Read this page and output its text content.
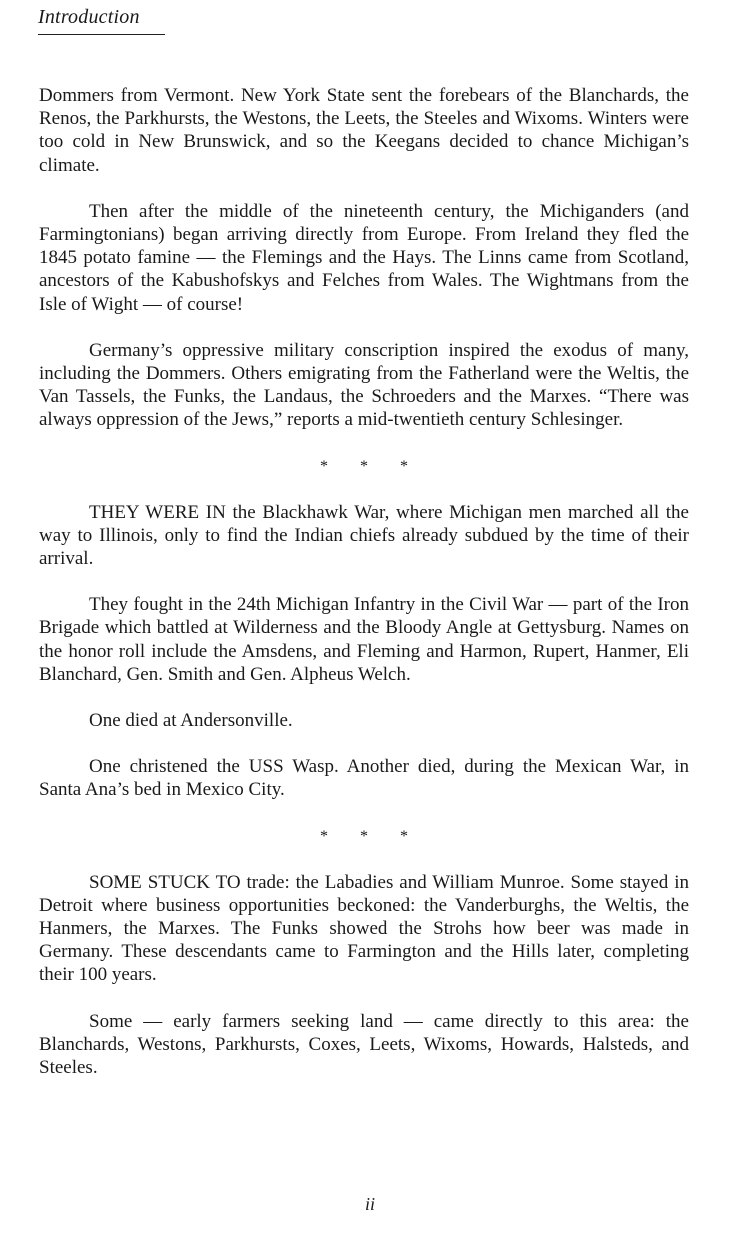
Introduction

Dommers from Vermont. New York State sent the forebears of the Blanchards, the Renos, the Parkhursts, the Westons, the Leets, the Steeles and Wixoms. Winters were too cold in New Brunswick, and so the Keegans decided to chance Michigan’s climate.

Then after the middle of the nineteenth century, the Michiganders (and Farmingtonians) began arriving directly from Europe. From Ireland they fled the 1845 potato famine — the Flemings and the Hays. The Linns came from Scotland, ancestors of the Kabushofskys and Felches from Wales. The Wightmans from the Isle of Wight — of course!

Germany’s oppressive military conscription inspired the exodus of many, including the Dommers. Others emigrating from the Fatherland were the Weltis, the Van Tassels, the Funks, the Landaus, the Schroeders and the Marxes. “There was always oppression of the Jews,” reports a mid-twentieth century Schlesinger.

* * *

THEY WERE IN the Blackhawk War, where Michigan men marched all the way to Illinois, only to find the Indian chiefs already subdued by the time of their arrival.

They fought in the 24th Michigan Infantry in the Civil War — part of the Iron Brigade which battled at Wilderness and the Bloody Angle at Gettysburg. Names on the honor roll include the Amsdens, and Fleming and Harmon, Rupert, Hanmer, Eli Blanchard, Gen. Smith and Gen. Alpheus Welch.

One died at Andersonville.

One christened the USS Wasp. Another died, during the Mexican War, in Santa Ana’s bed in Mexico City.

* * *

SOME STUCK TO trade: the Labadies and William Munroe. Some stayed in Detroit where business opportunities beckoned: the Vanderburghs, the Weltis, the Hanmers, the Marxes. The Funks showed the Strohs how beer was made in Germany. These descendants came to Farmington and the Hills later, completing their 100 years.

Some — early farmers seeking land — came directly to this area: the Blanchards, Westons, Parkhursts, Coxes, Leets, Wixoms, Howards, Halsteds, and Steeles.

ii
